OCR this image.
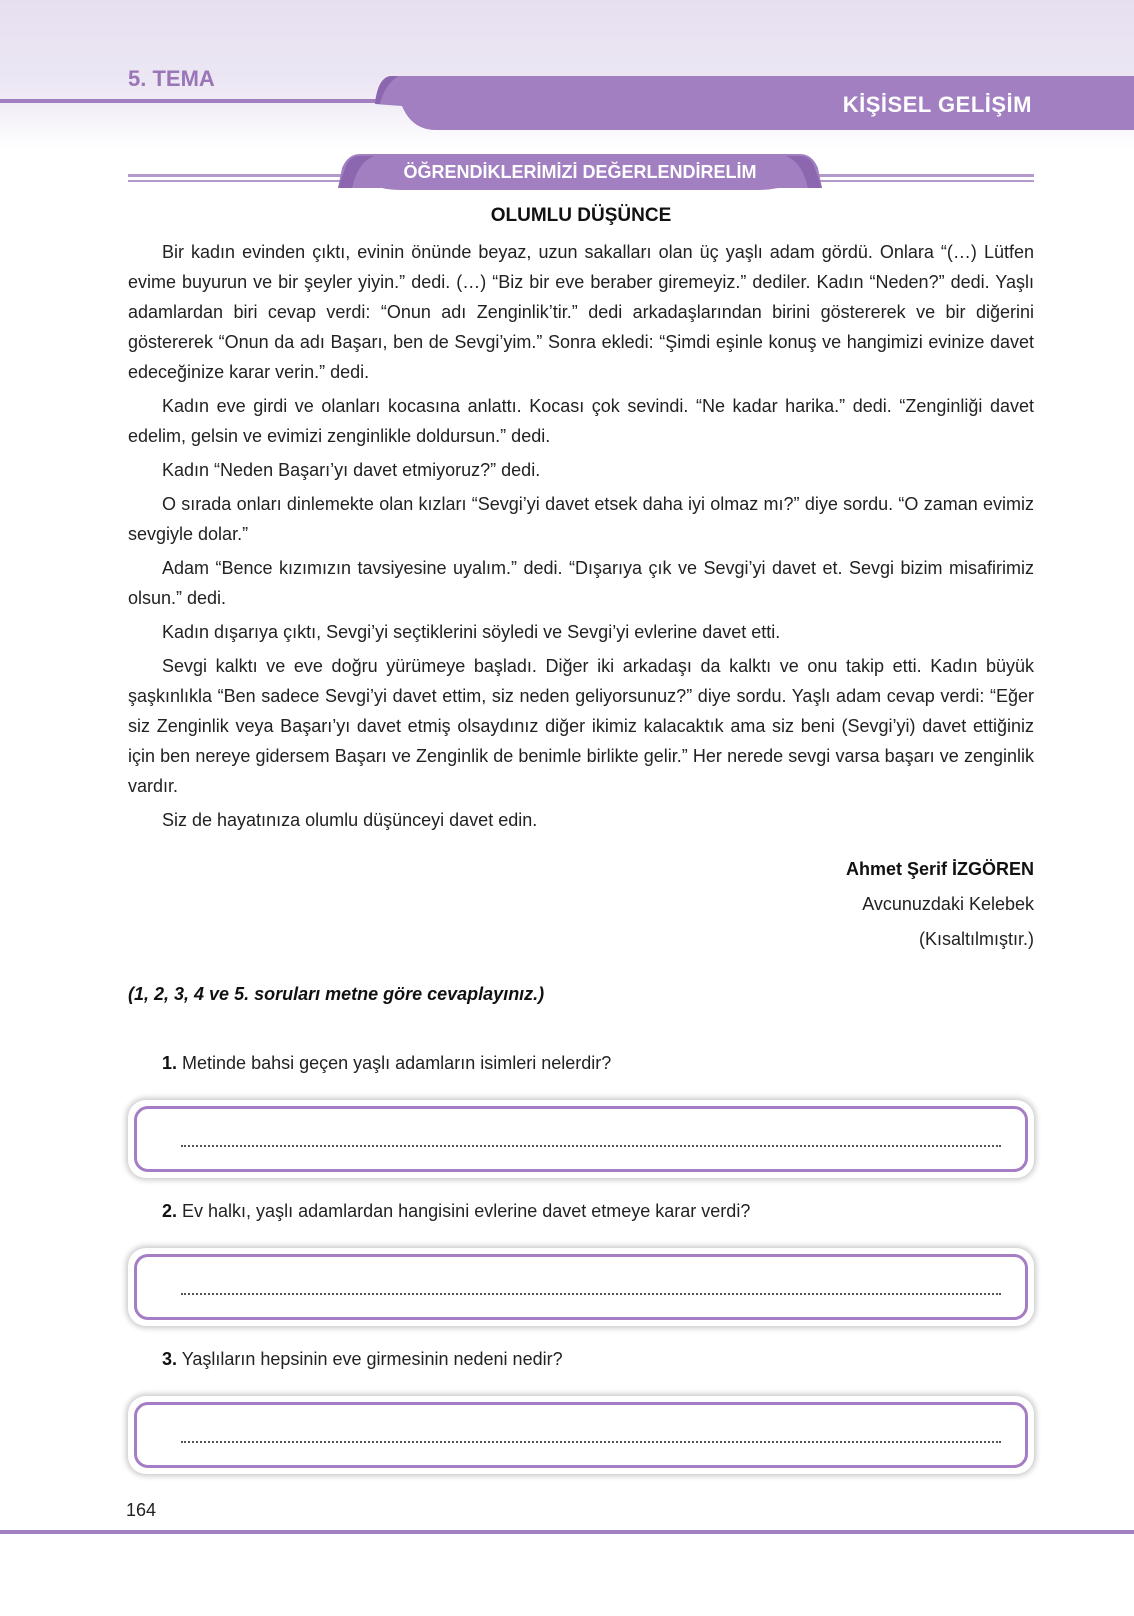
5. TEMA
KİŞİSEL GELİŞİM
ÖĞRENDİKLERİMİZİ DEĞERLENDİRELİM
OLUMLU DÜŞÜNCE

Bir kadın evinden çıktı, evinin önünde beyaz, uzun sakalları olan üç yaşlı adam gördü. Onlara “(…) Lütfen evime buyurun ve bir şeyler yiyin.” dedi. (…) “Biz bir eve beraber giremeyiz.” dediler. Kadın “Neden?” dedi. Yaşlı adamlardan biri cevap verdi: “Onun adı Zenginlik’tir.” dedi arkadaşlarından birini göstererek ve bir diğerini göstererek “Onun da adı Başarı, ben de Sevgi’yim.” Sonra ekledi: “Şimdi eşinle konuş ve hangimizi evinize davet edeceğinize karar verin.” dedi.

Kadın eve girdi ve olanları kocasına anlattı. Kocası çok sevindi. “Ne kadar harika.” dedi. “Zenginliği davet edelim, gelsin ve evimizi zenginlikle doldursun.” dedi.

Kadın “Neden Başarı’yı davet etmiyoruz?” dedi.

O sırada onları dinlemekte olan kızları “Sevgi’yi davet etsek daha iyi olmaz mı?” diye sordu. “O zaman evimiz sevgiyle dolar.”

Adam “Bence kızımızın tavsiyesine uyalım.” dedi. “Dışarıya çık ve Sevgi’yi davet et. Sevgi bizim misafirimiz olsun.” dedi.

Kadın dışarıya çıktı, Sevgi’yi seçtiklerini söyledi ve Sevgi’yi evlerine davet etti.

Sevgi kalktı ve eve doğru yürümeye başladı. Diğer iki arkadaşı da kalktı ve onu takip etti. Kadın büyük şaşkınlıkla “Ben sadece Sevgi’yi davet ettim, siz neden geliyorsunuz?” diye sordu. Yaşlı adam cevap verdi: “Eğer siz Zenginlik veya Başarı’yı davet etmiş olsaydınız diğer ikimiz kalacaktık ama siz beni (Sevgi’yi) davet ettiğiniz için ben nereye gidersem Başarı ve Zenginlik de benimle birlikte gelir.” Her nerede sevgi varsa başarı ve zenginlik vardır.

Siz de hayatınıza olumlu düşünceyi davet edin.

Ahmet Şerif İZGÖREN
Avcunuzdaki Kelebek
(Kısaltılmıştır.)
(1, 2, 3, 4 ve 5. soruları metne göre cevaplayınız.)
1. Metinde bahsi geçen yaşlı adamların isimleri nelerdir?
2. Ev halkı, yaşlı adamlardan hangisini evlerine davet etmeye karar verdi?
3. Yaşlıların hepsinin eve girmesinin nedeni nedir?
164
